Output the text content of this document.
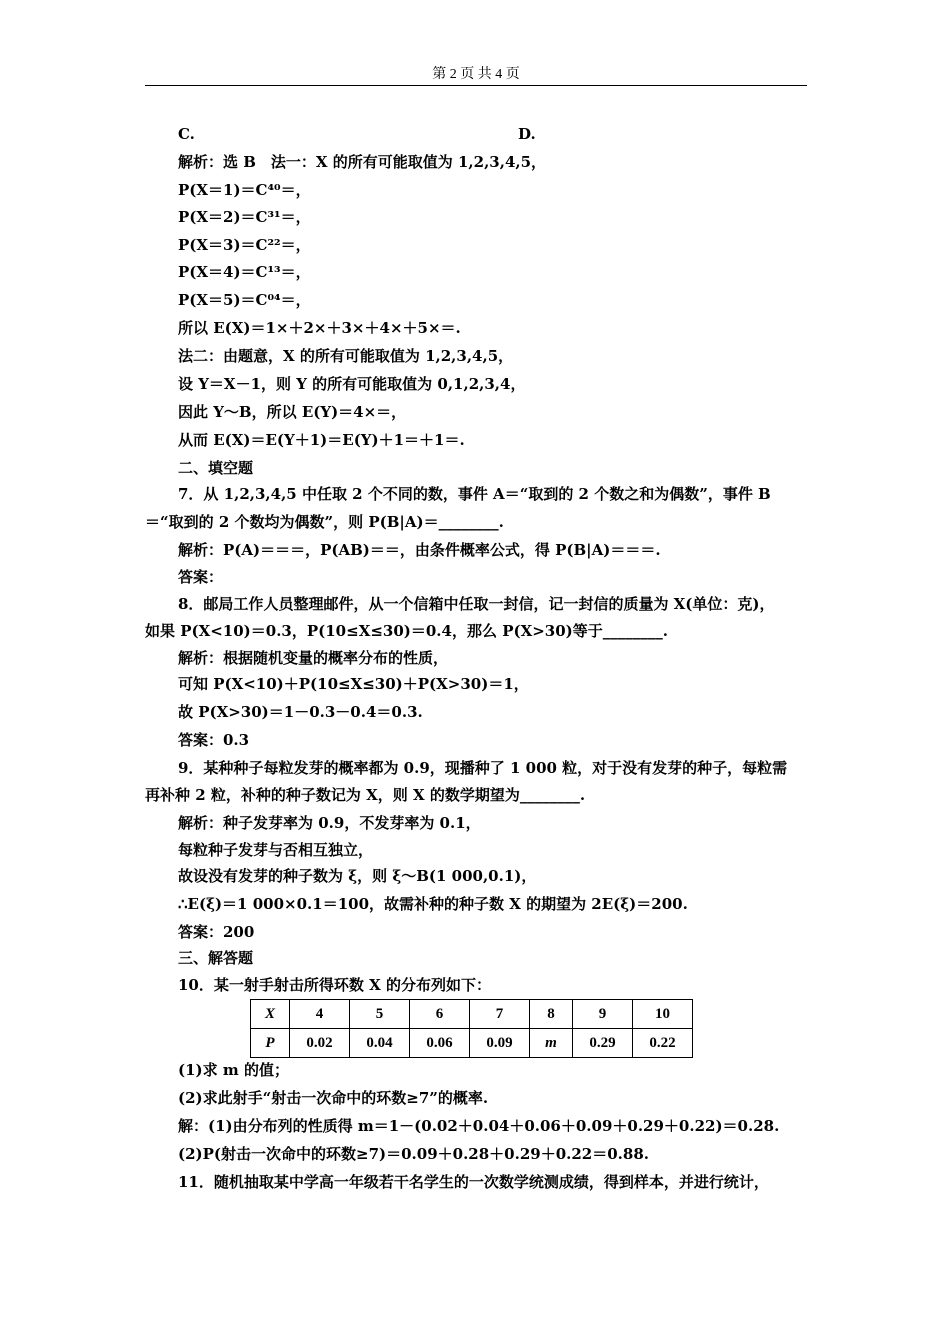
第 2 页 共 4 页
C.	D.
解析：选 B　法一：X 的所有可能取值为 1,2,3,4,5，
P(X＝1)＝C⁴⁰＝，
P(X＝2)＝C³¹＝，
P(X＝3)＝C²²＝，
P(X＝4)＝C¹³＝，
P(X＝5)＝C⁰⁴＝，
所以 E(X)＝1×＋2×＋3×＋4×＋5×＝.
法二：由题意，X 的所有可能取值为 1,2,3,4,5，
设 Y＝X－1，则 Y 的所有可能取值为 0,1,2,3,4，
因此 Y～B，所以 E(Y)＝4×＝，
从而 E(X)＝E(Y＋1)＝E(Y)＋1＝＋1＝.
二、填空题
7．从 1,2,3,4,5 中任取 2 个不同的数，事件 A＝“取到的 2 个数之和为偶数”，事件 B
＝“取到的 2 个数均为偶数”，则 P(B|A)＝________.
解析：P(A)＝＝＝，P(AB)＝＝，由条件概率公式，得 P(B|A)＝＝＝.
答案：
8．邮局工作人员整理邮件，从一个信箱中任取一封信，记一封信的质量为 X(单位：克)，
如果 P(X<10)＝0.3，P(10≤X≤30)＝0.4，那么 P(X>30)等于________.
解析：根据随机变量的概率分布的性质，
可知 P(X<10)＋P(10≤X≤30)＋P(X>30)＝1，
故 P(X>30)＝1－0.3－0.4＝0.3.
答案：0.3
9．某种种子每粒发芽的概率都为 0.9，现播种了 1 000 粒，对于没有发芽的种子，每粒需
再补种 2 粒，补种的种子数记为 X，则 X 的数学期望为________.
解析：种子发芽率为 0.9，不发芽率为 0.1，
每粒种子发芽与否相互独立，
故设没有发芽的种子数为 ξ，则 ξ～B(1 000,0.1)，
∴E(ξ)＝1 000×0.1＝100，故需补种的种子数 X 的期望为 2E(ξ)＝200.
答案：200
三、解答题
10．某一射手射击所得环数 X 的分布列如下：
X	4	5	6	7	8	9	10
P	0.02	0.04	0.06	0.09	m	0.29	0.22
(1)求 m 的值；
(2)求此射手“射击一次命中的环数≥7”的概率.
解：(1)由分布列的性质得 m＝1－(0.02＋0.04＋0.06＋0.09＋0.29＋0.22)＝0.28.
(2)P(射击一次命中的环数≥7)＝0.09＋0.28＋0.29＋0.22＝0.88.
11．随机抽取某中学高一年级若干名学生的一次数学统测成绩，得到样本，并进行统计，
